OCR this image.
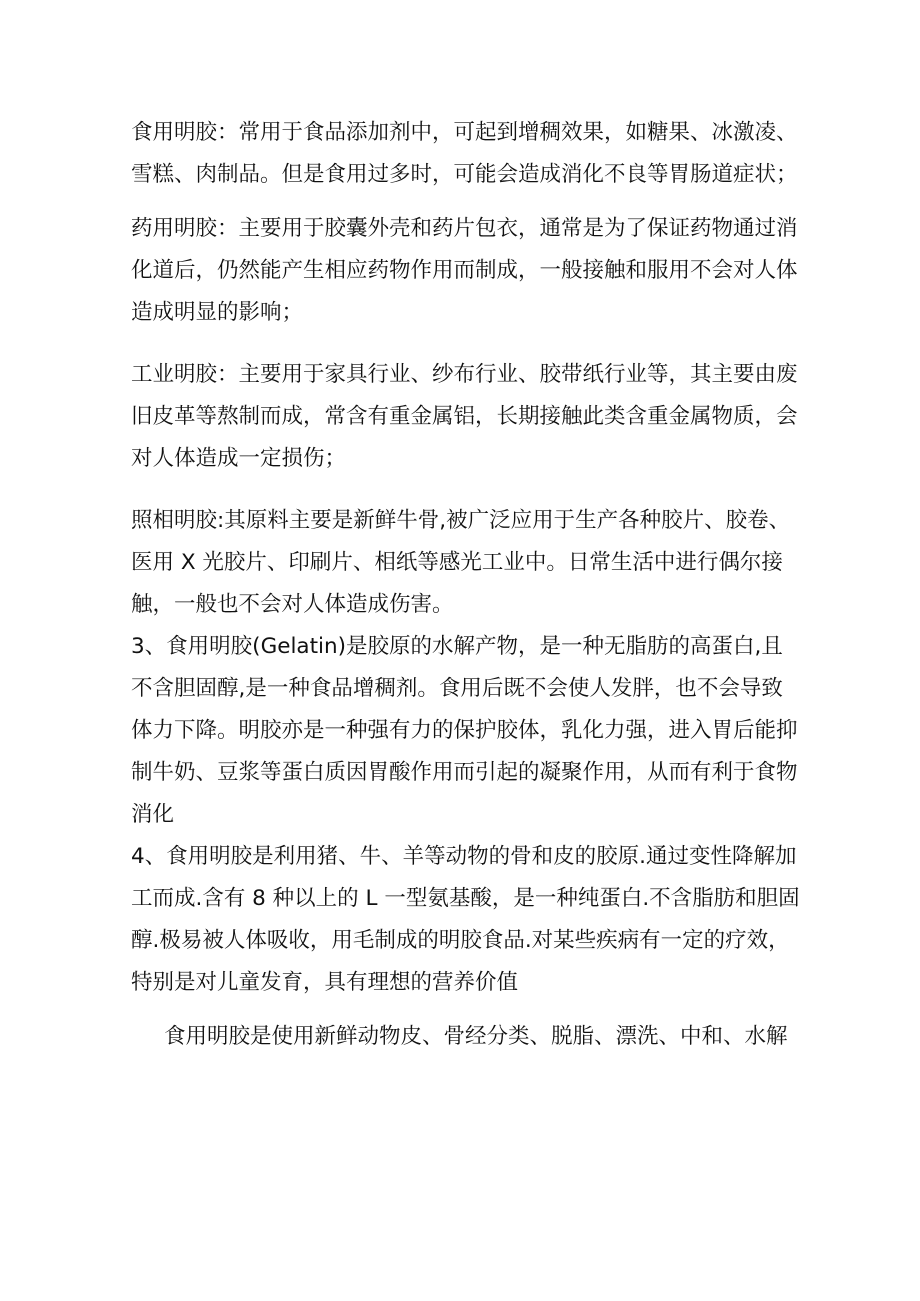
食用明胶：常用于食品添加剂中，可起到增稠效果，如糖果、冰激凌、雪糕、肉制品。但是食用过多时，可能会造成消化不良等胃肠道症状；

药用明胶：主要用于胶囊外壳和药片包衣，通常是为了保证药物通过消化道后，仍然能产生相应药物作用而制成，一般接触和服用不会对人体造成明显的影响；

工业明胶：主要用于家具行业、纱布行业、胶带纸行业等，其主要由废旧皮革等熬制而成，常含有重金属铝，长期接触此类含重金属物质，会对人体造成一定损伤；

照相明胶:其原料主要是新鲜牛骨,被广泛应用于生产各种胶片、胶卷、医用 X 光胶片、印刷片、相纸等感光工业中。日常生活中进行偶尔接触，一般也不会对人体造成伤害。

3、食用明胶(Gelatin)是胶原的水解产物，是一种无脂肪的高蛋白,且不含胆固醇,是一种食品增稠剂。食用后既不会使人发胖，也不会导致体力下降。明胶亦是一种强有力的保护胶体，乳化力强，进入胃后能抑制牛奶、豆浆等蛋白质因胃酸作用而引起的凝聚作用，从而有利于食物消化

4、食用明胶是利用猪、牛、羊等动物的骨和皮的胶原.通过变性降解加工而成.含有 8 种以上的 L 一型氨基酸，是一种纯蛋白.不含脂肪和胆固醇.极易被人体吸收，用毛制成的明胶食品.对某些疾病有一定的疗效，特别是对儿童发育，具有理想的营养价值

食用明胶是使用新鲜动物皮、骨经分类、脱脂、漂洗、中和、水解
